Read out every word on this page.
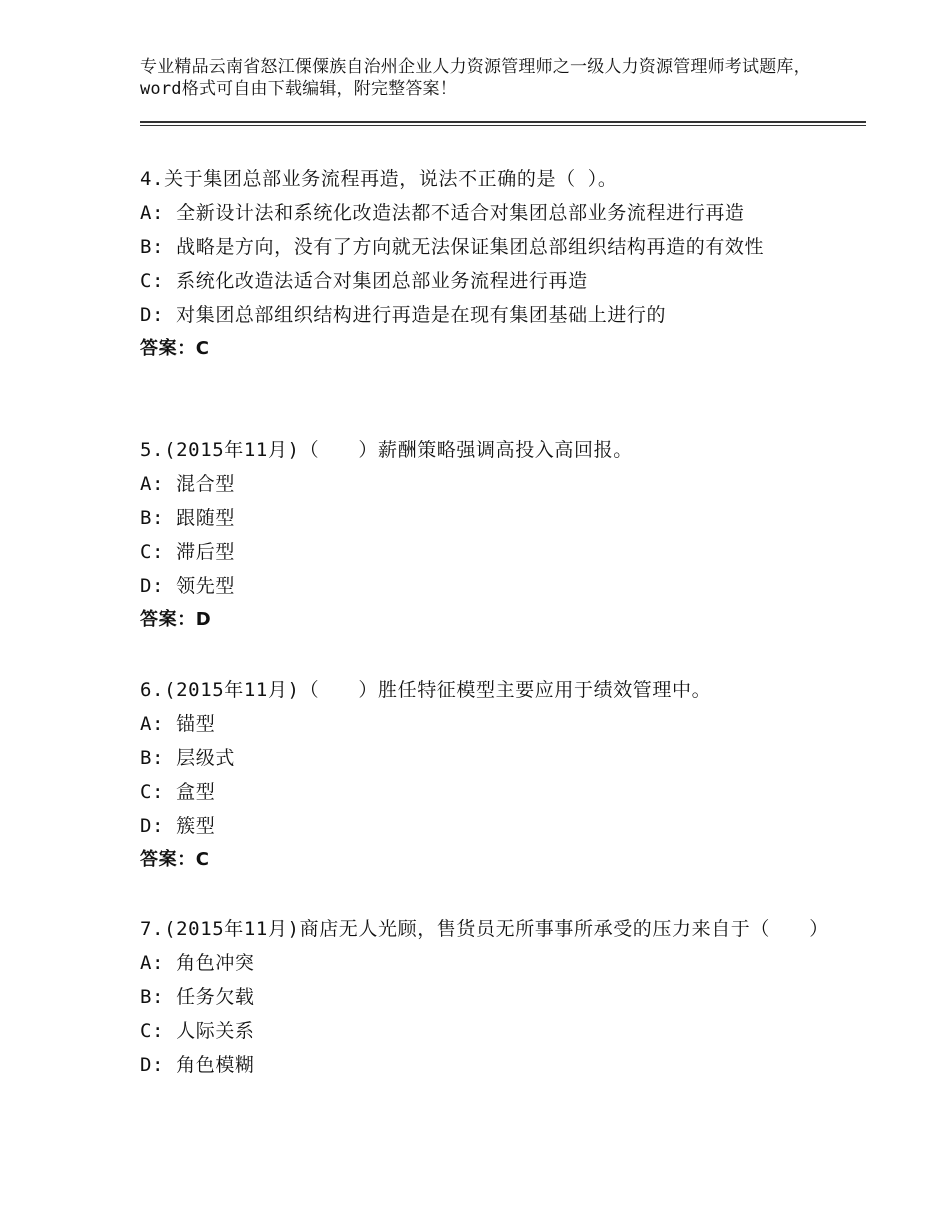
专业精品云南省怒江傈僳族自治州企业人力资源管理师之一级人力资源管理师考试题库，word格式可自由下载编辑，附完整答案！
4.关于集团总部业务流程再造，说法不正确的是（ ）。
A: 全新设计法和系统化改造法都不适合对集团总部业务流程进行再造
B: 战略是方向，没有了方向就无法保证集团总部组织结构再造的有效性
C: 系统化改造法适合对集团总部业务流程进行再造
D: 对集团总部组织结构进行再造是在现有集团基础上进行的
答案：C
5.(2015年11月)（　　）薪酬策略强调高投入高回报。
A: 混合型
B: 跟随型
C: 滞后型
D: 领先型
答案：D
6.(2015年11月)（　　）胜任特征模型主要应用于绩效管理中。
A: 锚型
B: 层级式
C: 盒型
D: 簇型
答案：C
7.(2015年11月)商店无人光顾，售货员无所事事所承受的压力来自于（　　）
A: 角色冲突
B: 任务欠载
C: 人际关系
D: 角色模糊
